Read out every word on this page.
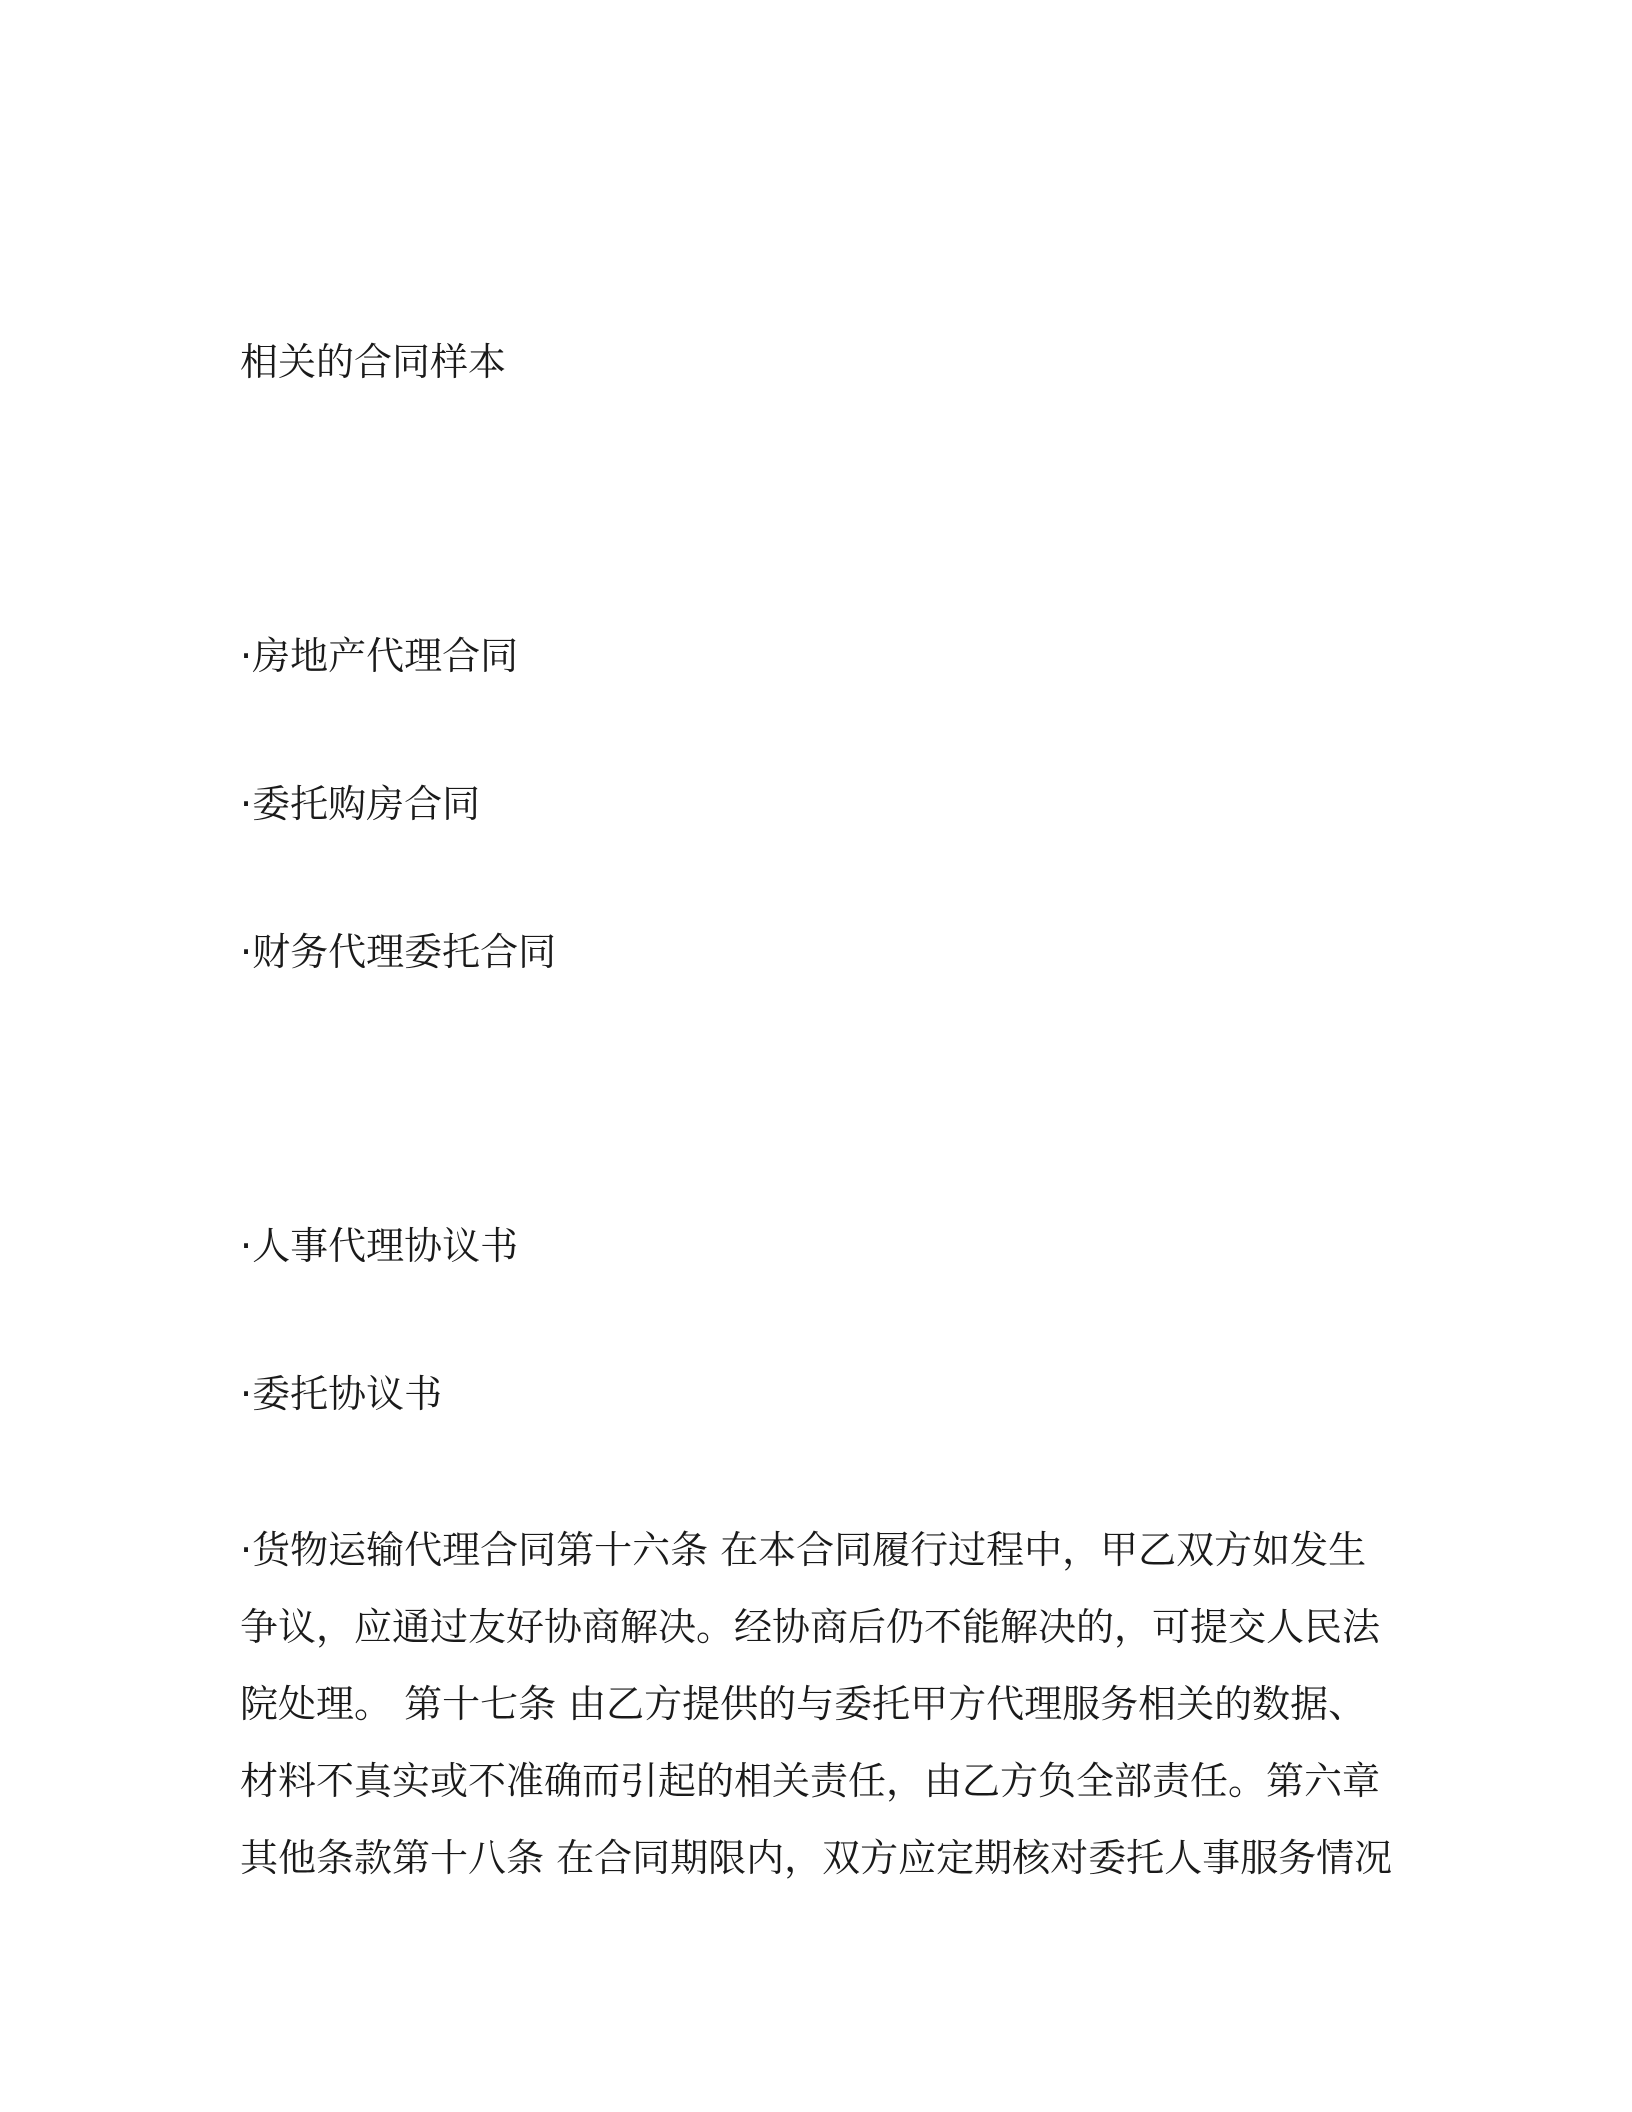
相关的合同样本
·房地产代理合同
·委托购房合同
·财务代理委托合同
·人事代理协议书
·委托协议书
·货物运输代理合同第十六条 在本合同履行过程中，甲乙双方如发生
争议，应通过友好协商解决。经协商后仍不能解决的，可提交人民法
院处理。 第十七条 由乙方提供的与委托甲方代理服务相关的数据、
材料不真实或不准确而引起的相关责任，由乙方负全部责任。第六章
其他条款第十八条 在合同期限内，双方应定期核对委托人事服务情况
